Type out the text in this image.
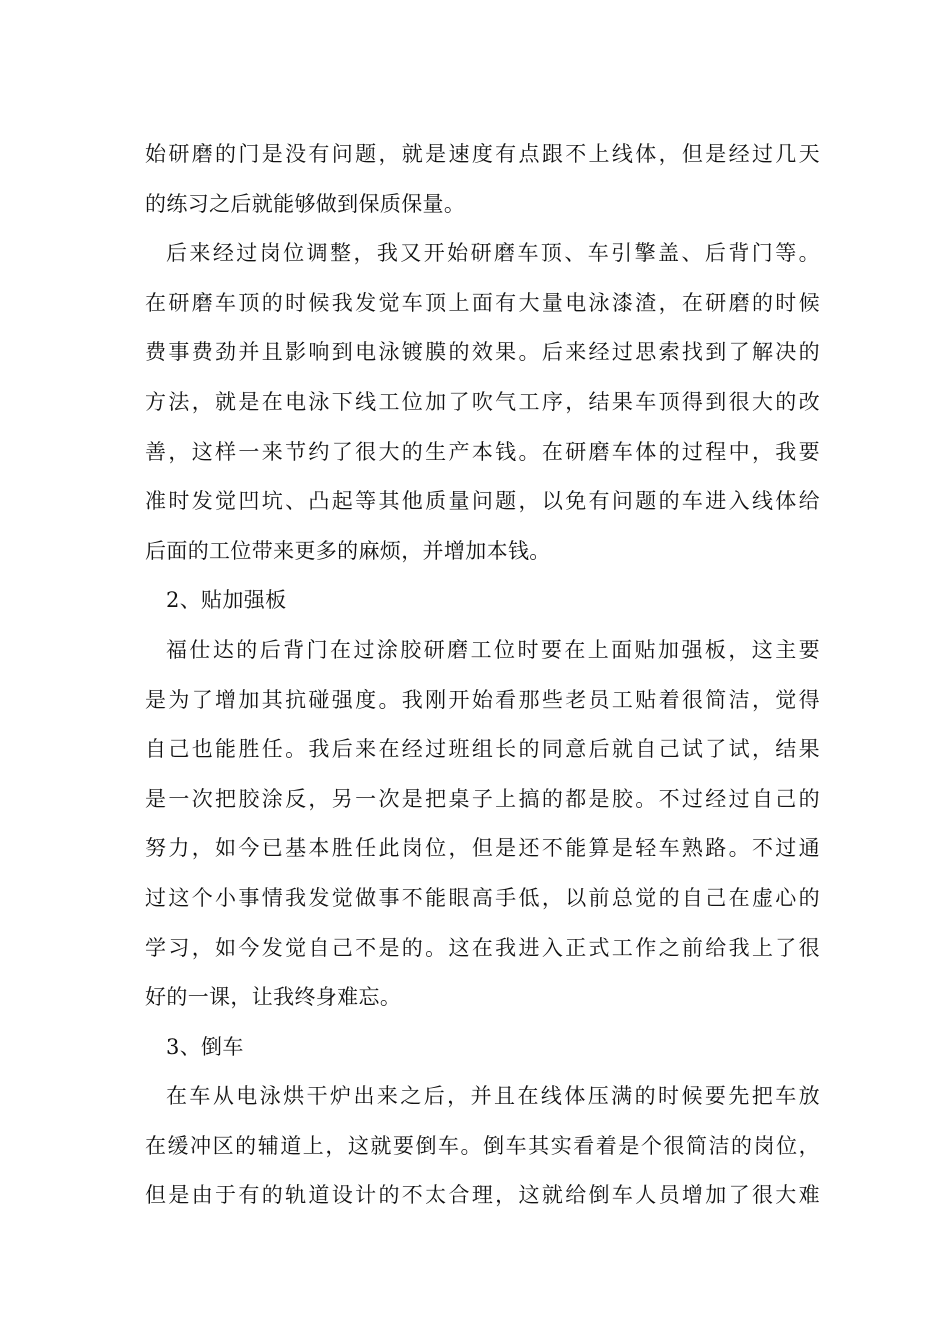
始研磨的门是没有问题，就是速度有点跟不上线体，但是经过几天
的练习之后就能够做到保质保量。
后来经过岗位调整，我又开始研磨车顶、车引擎盖、后背门等。
在研磨车顶的时候我发觉车顶上面有大量电泳漆渣，在研磨的时候
费事费劲并且影响到电泳镀膜的效果。后来经过思索找到了解决的
方法，就是在电泳下线工位加了吹气工序，结果车顶得到很大的改
善，这样一来节约了很大的生产本钱。在研磨车体的过程中，我要
准时发觉凹坑、凸起等其他质量问题，以免有问题的车进入线体给
后面的工位带来更多的麻烦，并增加本钱。
2、贴加强板
福仕达的后背门在过涂胶研磨工位时要在上面贴加强板，这主要
是为了增加其抗碰强度。我刚开始看那些老员工贴着很简洁，觉得
自己也能胜任。我后来在经过班组长的同意后就自己试了试，结果
是一次把胶涂反，另一次是把桌子上搞的都是胶。不过经过自己的
努力，如今已基本胜任此岗位，但是还不能算是轻车熟路。不过通
过这个小事情我发觉做事不能眼高手低，以前总觉的自己在虚心的
学习，如今发觉自己不是的。这在我进入正式工作之前给我上了很
好的一课，让我终身难忘。
3、倒车
在车从电泳烘干炉出来之后，并且在线体压满的时候要先把车放
在缓冲区的辅道上，这就要倒车。倒车其实看着是个很简洁的岗位，
但是由于有的轨道设计的不太合理，这就给倒车人员增加了很大难
